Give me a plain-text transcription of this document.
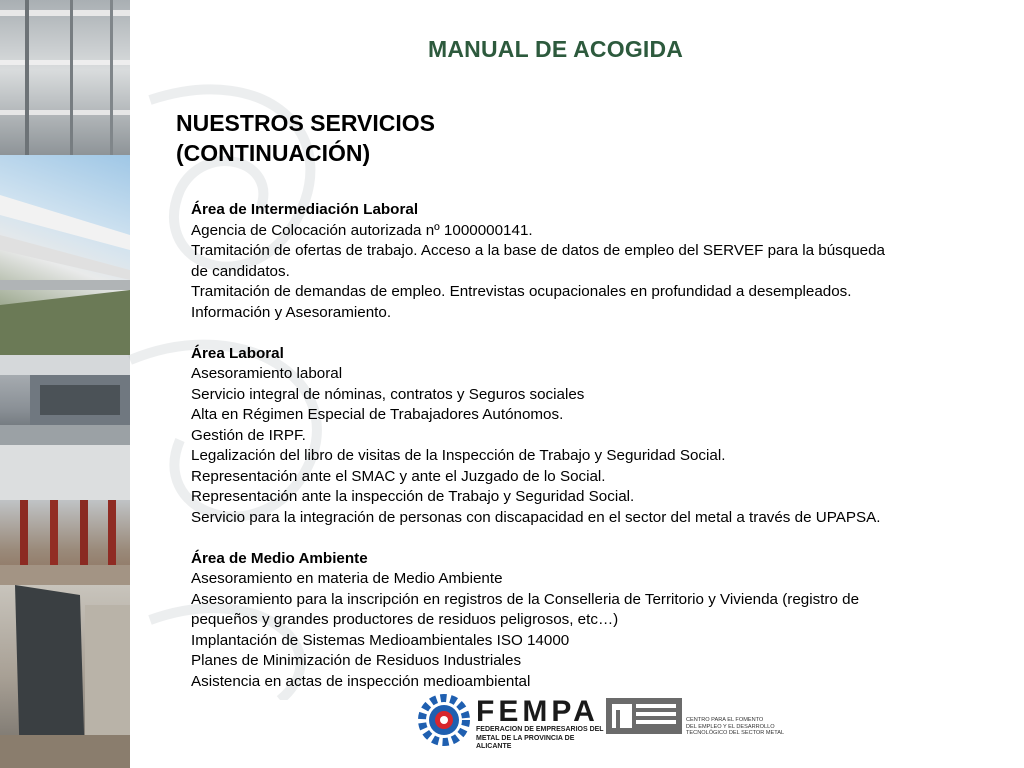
MANUAL DE ACOGIDA
NUESTROS SERVICIOS
(CONTINUACIÓN)
Área de Intermediación Laboral
Agencia de Colocación autorizada nº 1000000141.
Tramitación de ofertas de trabajo. Acceso a la base de datos de empleo del SERVEF para la búsqueda
de candidatos.
Tramitación de demandas de empleo. Entrevistas ocupacionales en profundidad a desempleados.
Información y Asesoramiento.
Área Laboral
Asesoramiento laboral
Servicio integral de nóminas, contratos y Seguros sociales
Alta en Régimen Especial de Trabajadores Autónomos.
Gestión de IRPF.
Legalización del libro de visitas de la Inspección de Trabajo y Seguridad Social.
Representación ante el SMAC y ante el Juzgado de lo Social.
Representación ante la inspección de Trabajo y Seguridad Social.
Servicio para la integración de personas con discapacidad en el sector del metal a través de UPAPSA.
Área de Medio Ambiente
Asesoramiento en materia de Medio Ambiente
Asesoramiento para la inscripción en registros de la Conselleria de Territorio y Vivienda (registro de
pequeños y grandes productores de residuos peligrosos, etc…)
Implantación de Sistemas Medioambientales ISO 14000
Planes de Minimización de Residuos Industriales
Asistencia en actas de inspección medioambiental
FEMPA
FEDERACION DE EMPRESARIOS DEL
METAL DE LA PROVINCIA DE ALICANTE
CENTRO PARA EL FOMENTO
DEL EMPLEO Y EL DESARROLLO
TECNOLÓGICO DEL SECTOR METAL
